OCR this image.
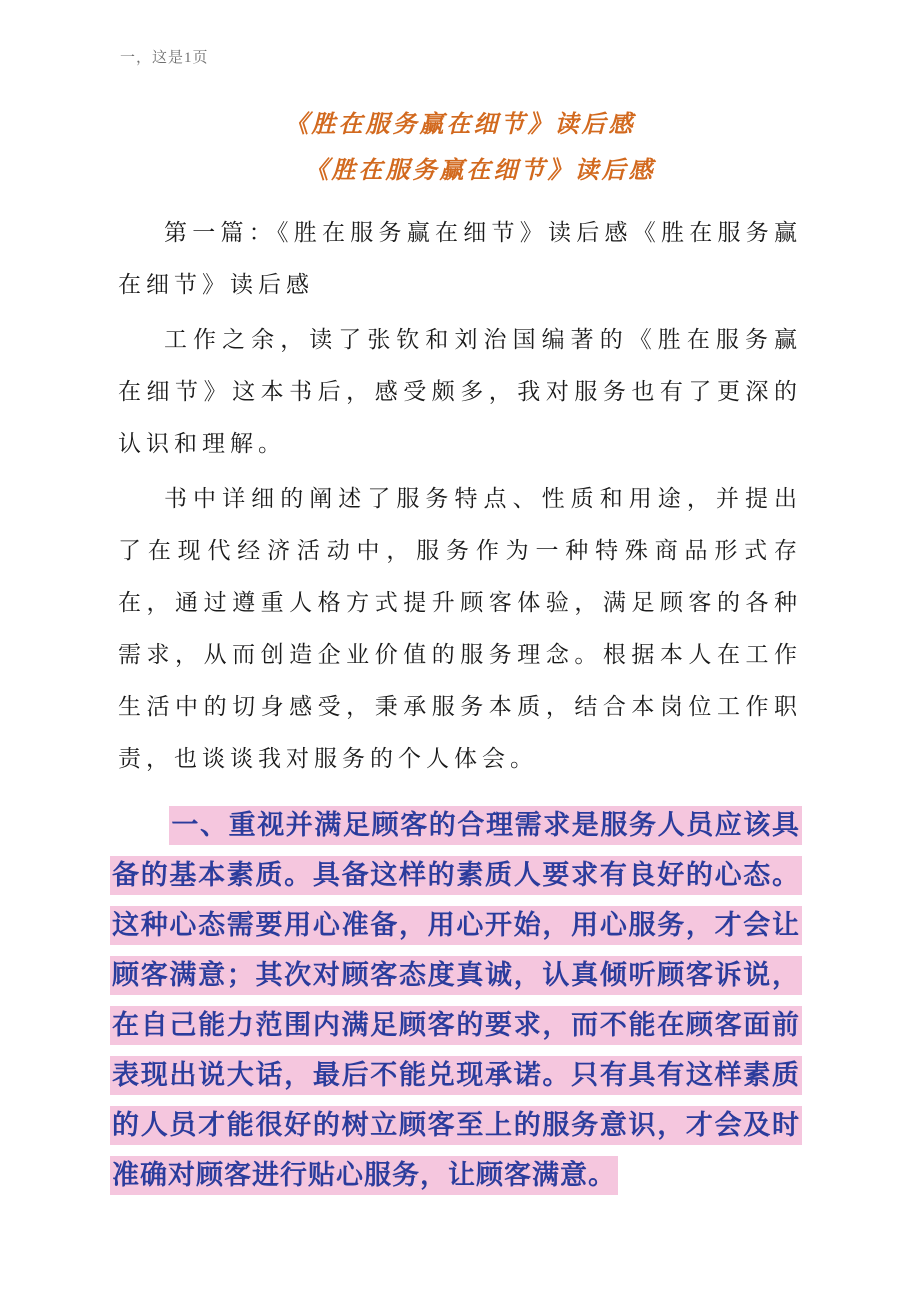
一，这是1页

《胜在服务赢在细节》读后感
《胜在服务赢在细节》读后感

第一篇：《胜在服务赢在细节》读后感《胜在服务赢在细节》读后感

工作之余，读了张钦和刘治国编著的《胜在服务赢在细节》这本书后，感受颇多，我对服务也有了更深的认识和理解。

书中详细的阐述了服务特点、性质和用途，并提出了在现代经济活动中，服务作为一种特殊商品形式存在，通过遵重人格方式提升顾客体验，满足顾客的各种需求，从而创造企业价值的服务理念。根据本人在工作生活中的切身感受，秉承服务本质，结合本岗位工作职责，也谈谈我对服务的个人体会。

一、重视并满足顾客的合理需求是服务人员应该具备的基本素质。具备这样的素质人要求有良好的心态。这种心态需要用心准备，用心开始，用心服务，才会让顾客满意；其次对顾客态度真诚，认真倾听顾客诉说，在自己能力范围内满足顾客的要求，而不能在顾客面前表现出说大话，最后不能兑现承诺。只有具有这样素质的人员才能很好的树立顾客至上的服务意识，才会及时准确对顾客进行贴心服务，让顾客满意。
